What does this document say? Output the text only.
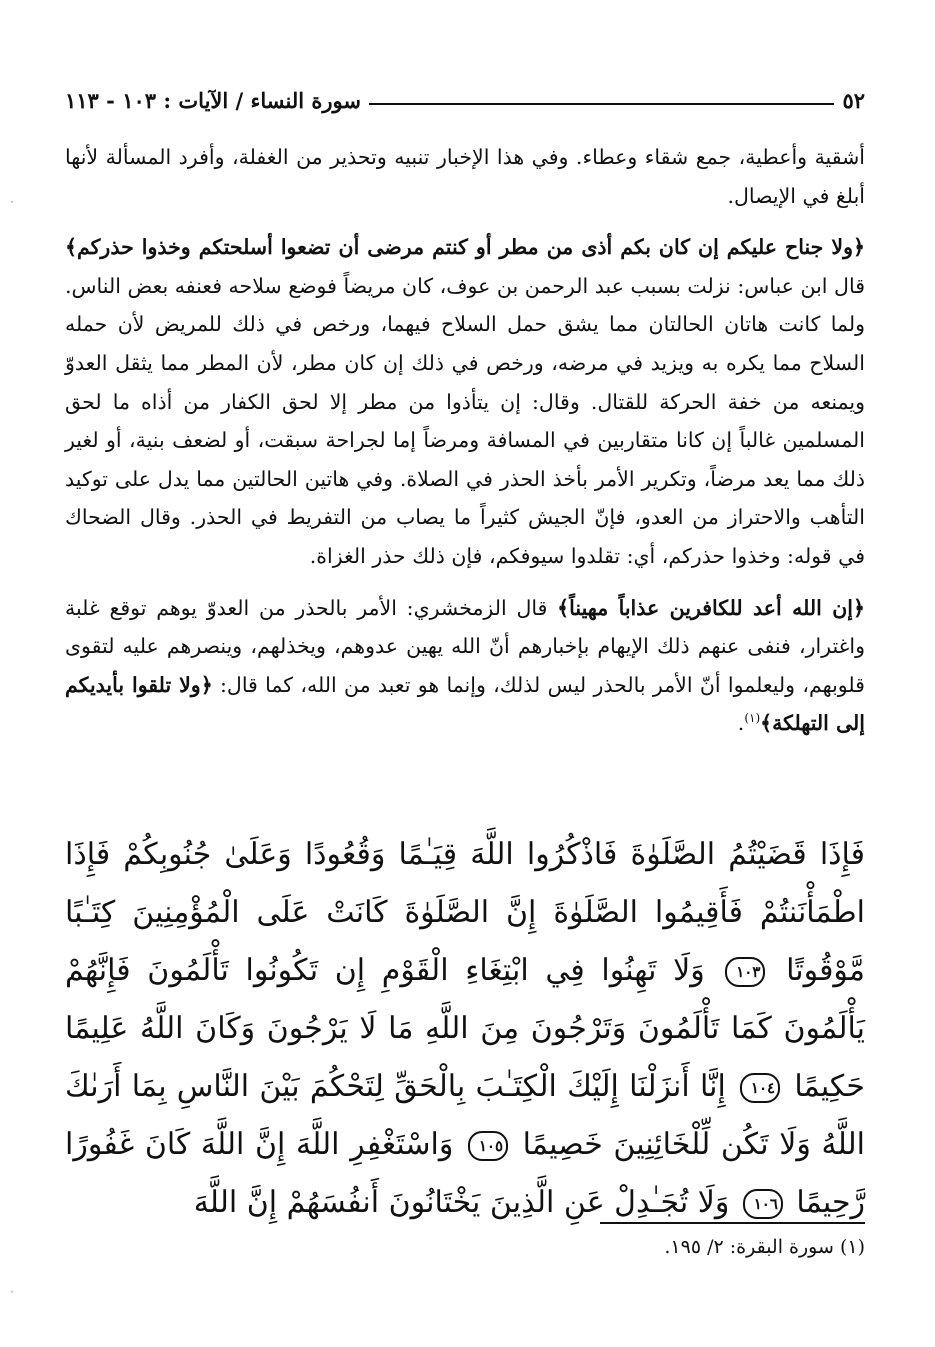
٥٢
سورة النساء / الآيات : ١٠٣ - ١١٣

أشقية وأعطية، جمع شقاء وعطاء. وفي هذا الإخبار تنبيه وتحذير من الغفلة، وأفرد المسألة لأنها أبلغ في الإيصال.

﴿ولا جناح عليكم إن كان بكم أذى من مطر أو كنتم مرضى أن تضعوا أسلحتكم وخذوا حذركم﴾ قال ابن عباس: نزلت بسبب عبد الرحمن بن عوف، كان مريضاً فوضع سلاحه فعنفه بعض الناس. ولما كانت هاتان الحالتان مما يشق حمل السلاح فيهما، ورخص في ذلك للمريض لأن حمله السلاح مما يكره به ويزيد في مرضه، ورخص في ذلك إن كان مطر، لأن المطر مما يثقل العدوّ ويمنعه من خفة الحركة للقتال. وقال: إن يتأذوا من مطر إلا لحق الكفار من أذاه ما لحق المسلمين غالباً إن كانا متقاربين في المسافة ومرضاً إما لجراحة سبقت، أو لضعف بنية، أو لغير ذلك مما يعد مرضاً، وتكرير الأمر بأخذ الحذر في الصلاة. وفي هاتين الحالتين مما يدل على توكيد التأهب والاحتراز من العدو، فإنّ الجيش كثيراً ما يصاب من التفريط في الحذر. وقال الضحاك في قوله: وخذوا حذركم، أي: تقلدوا سيوفكم، فإن ذلك حذر الغزاة.

﴿إن الله أعد للكافرين عذاباً مهيناً﴾ قال الزمخشري: الأمر بالحذر من العدوّ يوهم توقع غلبة واغترار، فنفى عنهم ذلك الإيهام بإخبارهم أنّ الله يهين عدوهم، ويخذلهم، وينصرهم عليه لتقوى قلوبهم، وليعلموا أنّ الأمر بالحذر ليس لذلك، وإنما هو تعبد من الله، كما قال: ﴿ولا تلقوا بأيديكم إلى التهلكة﴾$^{(١)}$.

فَإِذَا قَضَيْتُمُ الصَّلَوٰةَ فَاذْكُرُوا اللَّهَ قِيَـٰمًا وَقُعُودًا وَعَلَىٰ جُنُوبِكُمْ فَإِذَا اطْمَأْنَنتُمْ فَأَقِيمُوا الصَّلَوٰةَ إِنَّ الصَّلَوٰةَ كَانَتْ عَلَى الْمُؤْمِنِينَ كِتَـٰبًا مَّوْقُوتًا ١٠٣ وَلَا تَهِنُوا فِي ابْتِغَاءِ الْقَوْمِ إِن تَكُونُوا تَأْلَمُونَ فَإِنَّهُمْ يَأْلَمُونَ كَمَا تَأْلَمُونَ وَتَرْجُونَ مِنَ اللَّهِ مَا لَا يَرْجُونَ وَكَانَ اللَّهُ عَلِيمًا حَكِيمًا ١٠٤ إِنَّا أَنزَلْنَا إِلَيْكَ الْكِتَـٰبَ بِالْحَقِّ لِتَحْكُمَ بَيْنَ النَّاسِ بِمَا أَرَىٰكَ اللَّهُ وَلَا تَكُن لِّلْخَائِنِينَ خَصِيمًا ١٠٥ وَاسْتَغْفِرِ اللَّهَ إِنَّ اللَّهَ كَانَ غَفُورًا رَّحِيمًا ١٠٦ وَلَا تُجَـٰدِلْ عَنِ الَّذِينَ يَخْتَانُونَ أَنفُسَهُمْ إِنَّ اللَّهَ
(١) سورة البقرة: ٢/ ١٩٥.
·
·
